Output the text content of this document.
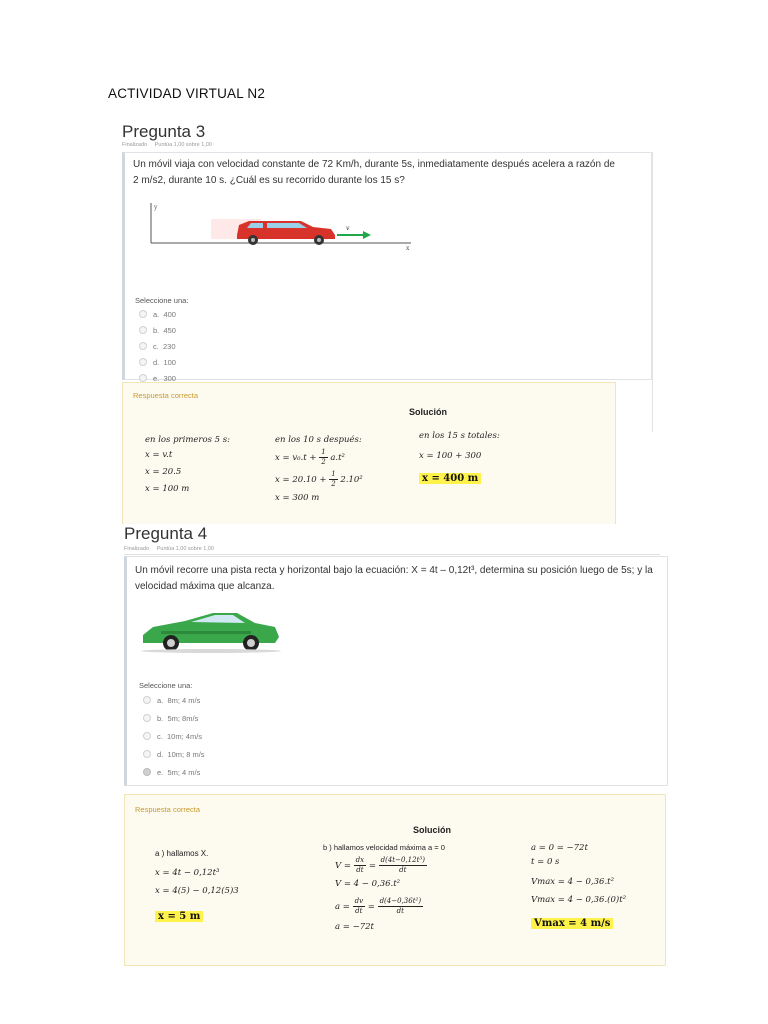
ACTIVIDAD VIRTUAL N2
Pregunta 3
Finalizado Puntúa 1,00 sobre 1,00
Un móvil viaja con velocidad constante de 72 Km/h, durante 5s, inmediatamente después acelera a razón de 2 m/s2, durante 10 s. ¿Cuál es su recorrido durante los 15 s?
y
x
v
Seleccione una:
a.
400
b.
450
c.
230
d.
100
e.
300
Respuesta correcta
Solución
en los primeros 5 s:
x = v.t
x = 20.5
x = 100 m
en los 10 s después:
$x = v_0.t + \frac{1}{2} a.t^2$
$x = 20.10 + \frac{1}{2} 2.10^2$
x = 300 m
en los 15 s totales:
x = 100 + 300
x = 400 m
Pregunta 4
Finalizado Puntúa 1,00 sobre 1,00
Un móvil recorre una pista recta y horizontal bajo la ecuación: X = 4t – 0,12t³, determina su posición luego de 5s; y la velocidad máxima que alcanza.
Seleccione una:
a.
8m; 4 m/s
b.
5m; 8m/s
c.
10m; 4m/s
d.
10m; 8 m/s
e.
5m; 4 m/s
Respuesta correcta
Solución
a ) hallamos X.
x = 4t − 0,12t³
x = 4(5) − 0,12(5)3
x = 5 m
b ) hallamos velocidad máxima a = 0
$V = \frac{dx}{dt} = \frac{\text{d(4t−0,12t³)}}{dt}$
V = 4 − 0,36.t²
$a = \frac{dv}{dt} = \frac{\text{d(4−0,36t²)}}{dt}$
a = −72t
a = 0 = −72t
t = 0 s
Vmax = 4 − 0,36.t²
Vmax = 4 − 0,36.(0)t²
Vmax = 4 m/s
